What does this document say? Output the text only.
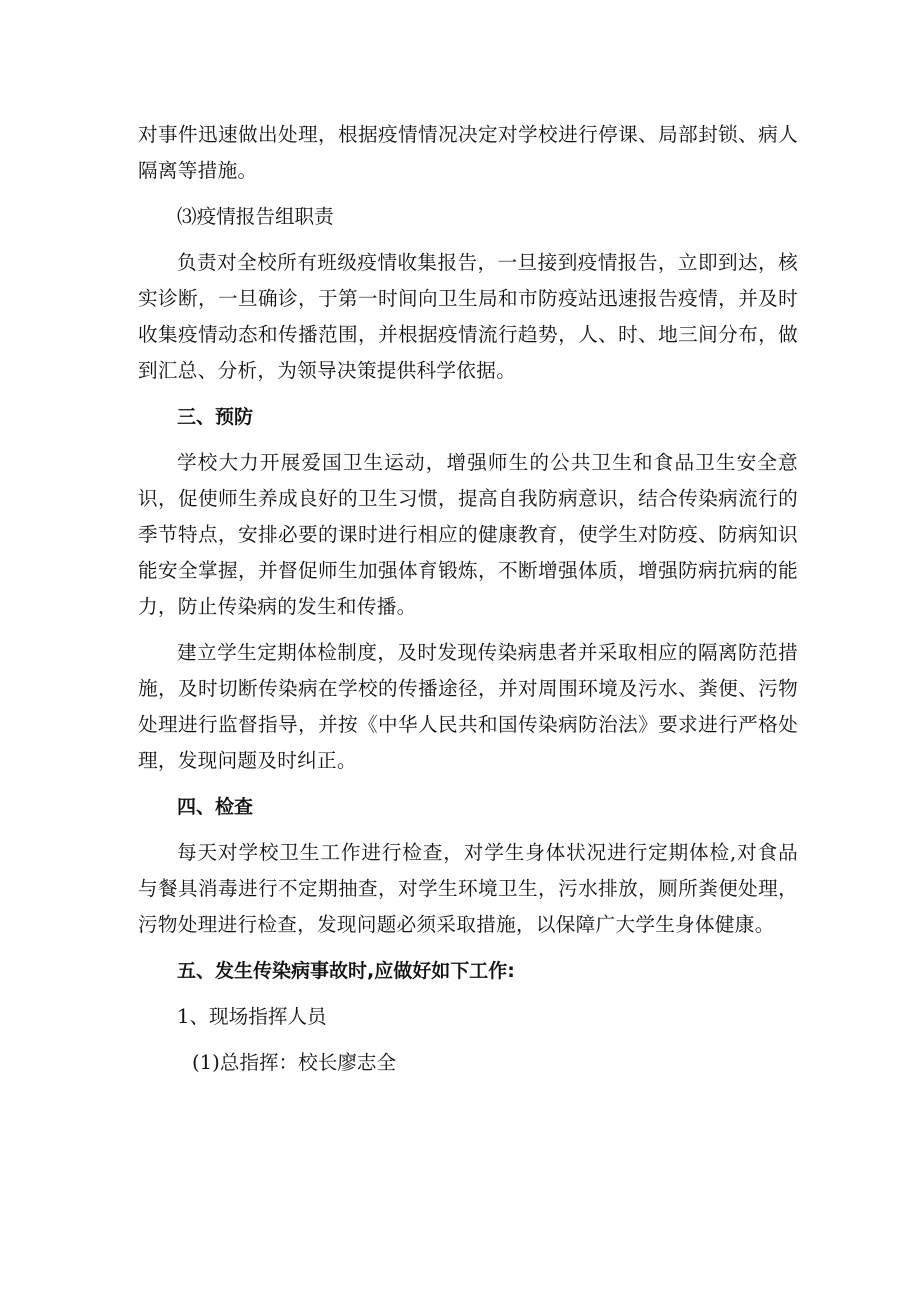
对事件迅速做出处理，根据疫情情况决定对学校进行停课、局部封锁、病人隔离等措施。

⑶疫情报告组职责

负责对全校所有班级疫情收集报告，一旦接到疫情报告，立即到达，核实诊断，一旦确诊，于第一时间向卫生局和市防疫站迅速报告疫情，并及时收集疫情动态和传播范围，并根据疫情流行趋势，人、时、地三间分布，做到汇总、分析，为领导决策提供科学依据。

三、预防

学校大力开展爱国卫生运动，增强师生的公共卫生和食品卫生安全意识，促使师生养成良好的卫生习惯，提高自我防病意识，结合传染病流行的季节特点，安排必要的课时进行相应的健康教育，使学生对防疫、防病知识能安全掌握，并督促师生加强体育锻炼，不断增强体质，增强防病抗病的能力，防止传染病的发生和传播。

建立学生定期体检制度，及时发现传染病患者并采取相应的隔离防范措施，及时切断传染病在学校的传播途径，并对周围环境及污水、粪便、污物处理进行监督指导，并按《中华人民共和国传染病防治法》要求进行严格处理，发现问题及时纠正。

四、检查

每天对学校卫生工作进行检查，对学生身体状况进行定期体检,对食品与餐具消毒进行不定期抽查，对学生环境卫生，污水排放，厕所粪便处理，污物处理进行检查，发现问题必须采取措施，以保障广大学生身体健康。

五、发生传染病事故时,应做好如下工作:

1、现场指挥人员

(1)总指挥：校长廖志全
